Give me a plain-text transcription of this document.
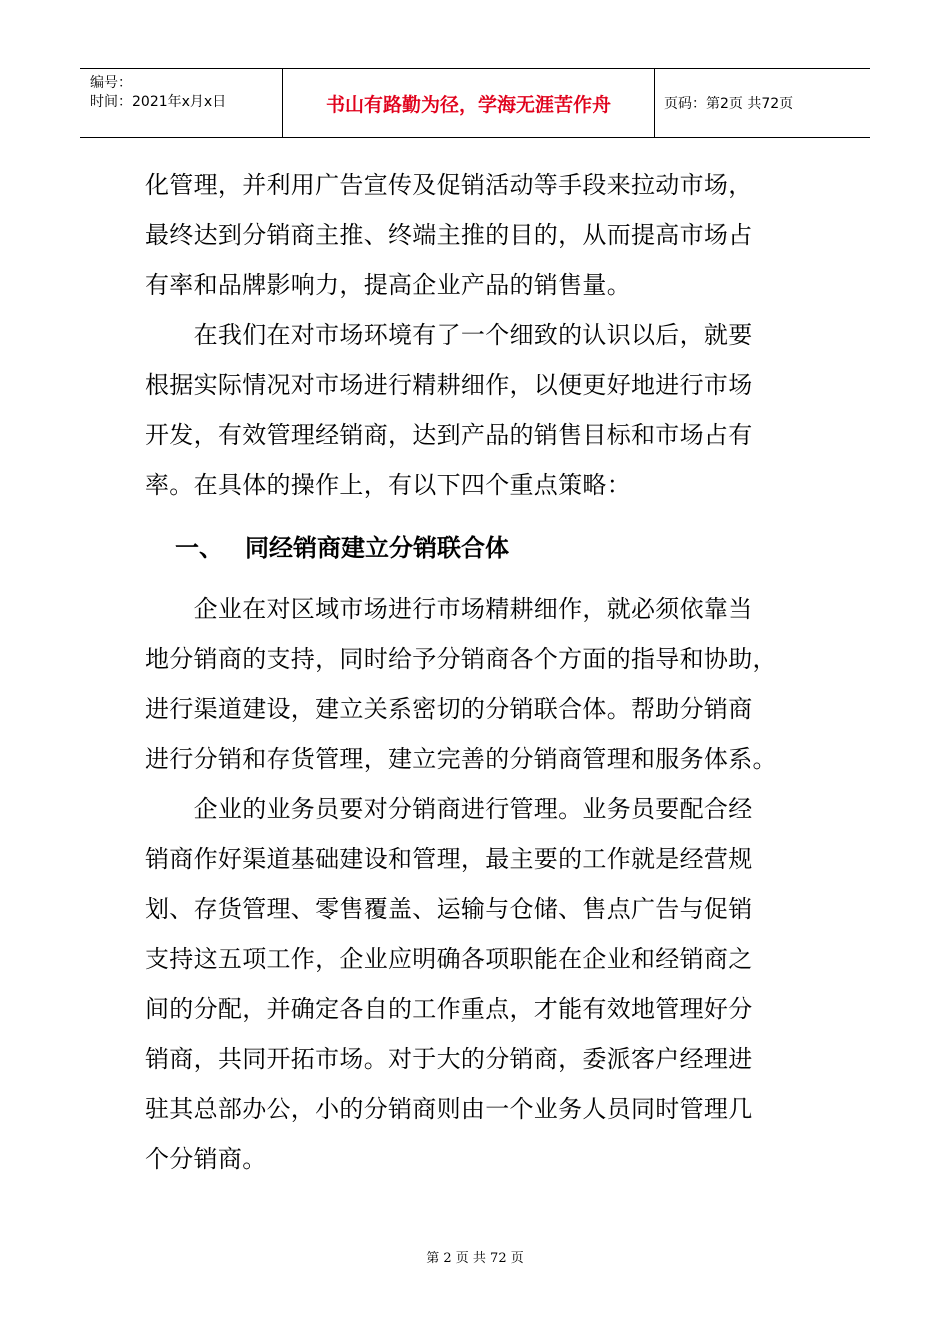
编号：
时间：2021年x月x日	书山有路勤为径，学海无涯苦作舟	页码：第2页 共72页
化管理，并利用广告宣传及促销活动等手段来拉动市场，
最终达到分销商主推、终端主推的目的，从而提高市场占
有率和品牌影响力，提高企业产品的销售量。
　　在我们在对市场环境有了一个细致的认识以后，就要
根据实际情况对市场进行精耕细作，以便更好地进行市场
开发，有效管理经销商，达到产品的销售目标和市场占有
率。在具体的操作上，有以下四个重点策略：
一、 同经销商建立分销联合体
　　企业在对区域市场进行市场精耕细作，就必须依靠当
地分销商的支持，同时给予分销商各个方面的指导和协助，
进行渠道建设，建立关系密切的分销联合体。帮助分销商
进行分销和存货管理，建立完善的分销商管理和服务体系。
　　企业的业务员要对分销商进行管理。业务员要配合经
销商作好渠道基础建设和管理，最主要的工作就是经营规
划、存货管理、零售覆盖、运输与仓储、售点广告与促销
支持这五项工作，企业应明确各项职能在企业和经销商之
间的分配，并确定各自的工作重点，才能有效地管理好分
销商，共同开拓市场。对于大的分销商，委派客户经理进
驻其总部办公，小的分销商则由一个业务人员同时管理几
个分销商。
第 2 页 共 72 页
